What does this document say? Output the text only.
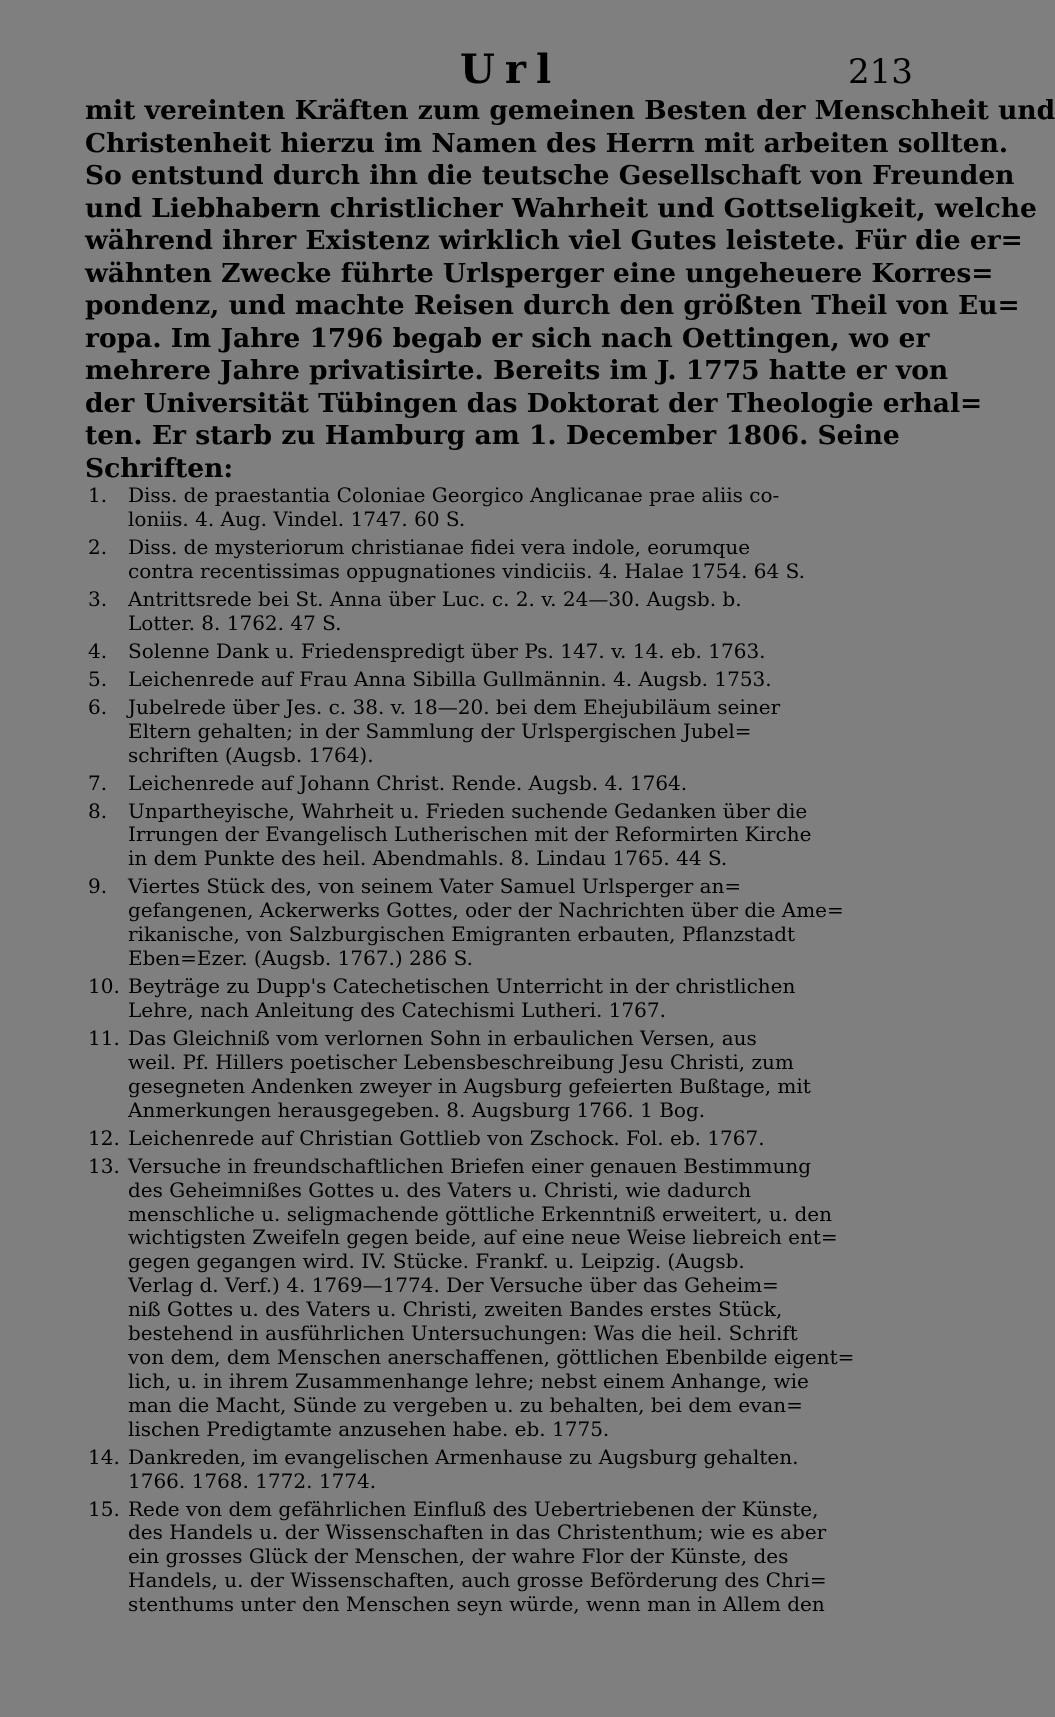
Url	213
mit vereinten Kräften zum gemeinen Besten der Menschheit und
Christenheit hierzu im Namen des Herrn mit arbeiten sollten.
So entstund durch ihn die teutsche Gesellschaft von Freunden
und Liebhabern christlicher Wahrheit und Gottseligkeit, welche
während ihrer Existenz wirklich viel Gutes leistete. Für die er=
wähnten Zwecke führte Urlsperger eine ungeheuere Korres=
pondenz, und machte Reisen durch den größten Theil von Eu=
ropa. Im Jahre 1796 begab er sich nach Oettingen, wo er
mehrere Jahre privatisirte. Bereits im J. 1775 hatte er von
der Universität Tübingen das Doktorat der Theologie erhal=
ten. Er starb zu Hamburg am 1. December 1806. Seine
Schriften:
1.	Diss. de praestantia Coloniae Georgico Anglicanae prae aliis co-
loniis. 4. Aug. Vindel. 1747. 60 S.
2.	Diss. de mysteriorum christianae fidei vera indole, eorumque
contra recentissimas oppugnationes vindiciis. 4. Halae 1754. 64 S.
3.	Antrittsrede bei St. Anna über Luc. c. 2. v. 24—30. Augsb. b.
Lotter. 8. 1762. 47 S.
4.	Solenne Dank u. Friedenspredigt über Ps. 147. v. 14. eb. 1763.
5.	Leichenrede auf Frau Anna Sibilla Gullmännin. 4. Augsb. 1753.
6.	Jubelrede über Jes. c. 38. v. 18—20. bei dem Ehejubiläum seiner
Eltern gehalten; in der Sammlung der Urlspergischen Jubel=
schriften (Augsb. 1764).
7.	Leichenrede auf Johann Christ. Rende. Augsb. 4. 1764.
8.	Unpartheyische, Wahrheit u. Frieden suchende Gedanken über die
Irrungen der Evangelisch Lutherischen mit der Reformirten Kirche
in dem Punkte des heil. Abendmahls. 8. Lindau 1765. 44 S.
9.	Viertes Stück des, von seinem Vater Samuel Urlsperger an=
gefangenen, Ackerwerks Gottes, oder der Nachrichten über die Ame=
rikanische, von Salzburgischen Emigranten erbauten, Pflanzstadt
Eben=Ezer. (Augsb. 1767.) 286 S.
10. Beyträge zu Dupp's Catechetischen Unterricht in der christlichen
Lehre, nach Anleitung des Catechismi Lutheri. 1767.
11. Das Gleichniß vom verlornen Sohn in erbaulichen Versen, aus
weil. Pf. Hillers poetischer Lebensbeschreibung Jesu Christi, zum
gesegneten Andenken zweyer in Augsburg gefeierten Bußtage, mit
Anmerkungen herausgegeben. 8. Augsburg 1766. 1 Bog.
12. Leichenrede auf Christian Gottlieb von Zschock. Fol. eb. 1767.
13. Versuche in freundschaftlichen Briefen einer genauen Bestimmung
des Geheimnißes Gottes u. des Vaters u. Christi, wie dadurch
menschliche u. seligmachende göttliche Erkenntniß erweitert, u. den
wichtigsten Zweifeln gegen beide, auf eine neue Weise liebreich ent=
gegen gegangen wird. IV. Stücke. Frankf. u. Leipzig. (Augsb.
Verlag d. Verf.) 4. 1769—1774. Der Versuche über das Geheim=
niß Gottes u. des Vaters u. Christi, zweiten Bandes erstes Stück,
bestehend in ausführlichen Untersuchungen: Was die heil. Schrift
von dem, dem Menschen anerschaffenen, göttlichen Ebenbilde eigent=
lich, u. in ihrem Zusammenhange lehre; nebst einem Anhange, wie
man die Macht, Sünde zu vergeben u. zu behalten, bei dem evan=
lischen Predigtamte anzusehen habe. eb. 1775.
14. Dankreden, im evangelischen Armenhause zu Augsburg gehalten.
1766. 1768. 1772. 1774.
15. Rede von dem gefährlichen Einfluß des Uebertriebenen der Künste,
des Handels u. der Wissenschaften in das Christenthum; wie es aber
ein grosses Glück der Menschen, der wahre Flor der Künste, des
Handels, u. der Wissenschaften, auch grosse Beförderung des Chri=
stenthums unter den Menschen seyn würde, wenn man in Allem den
